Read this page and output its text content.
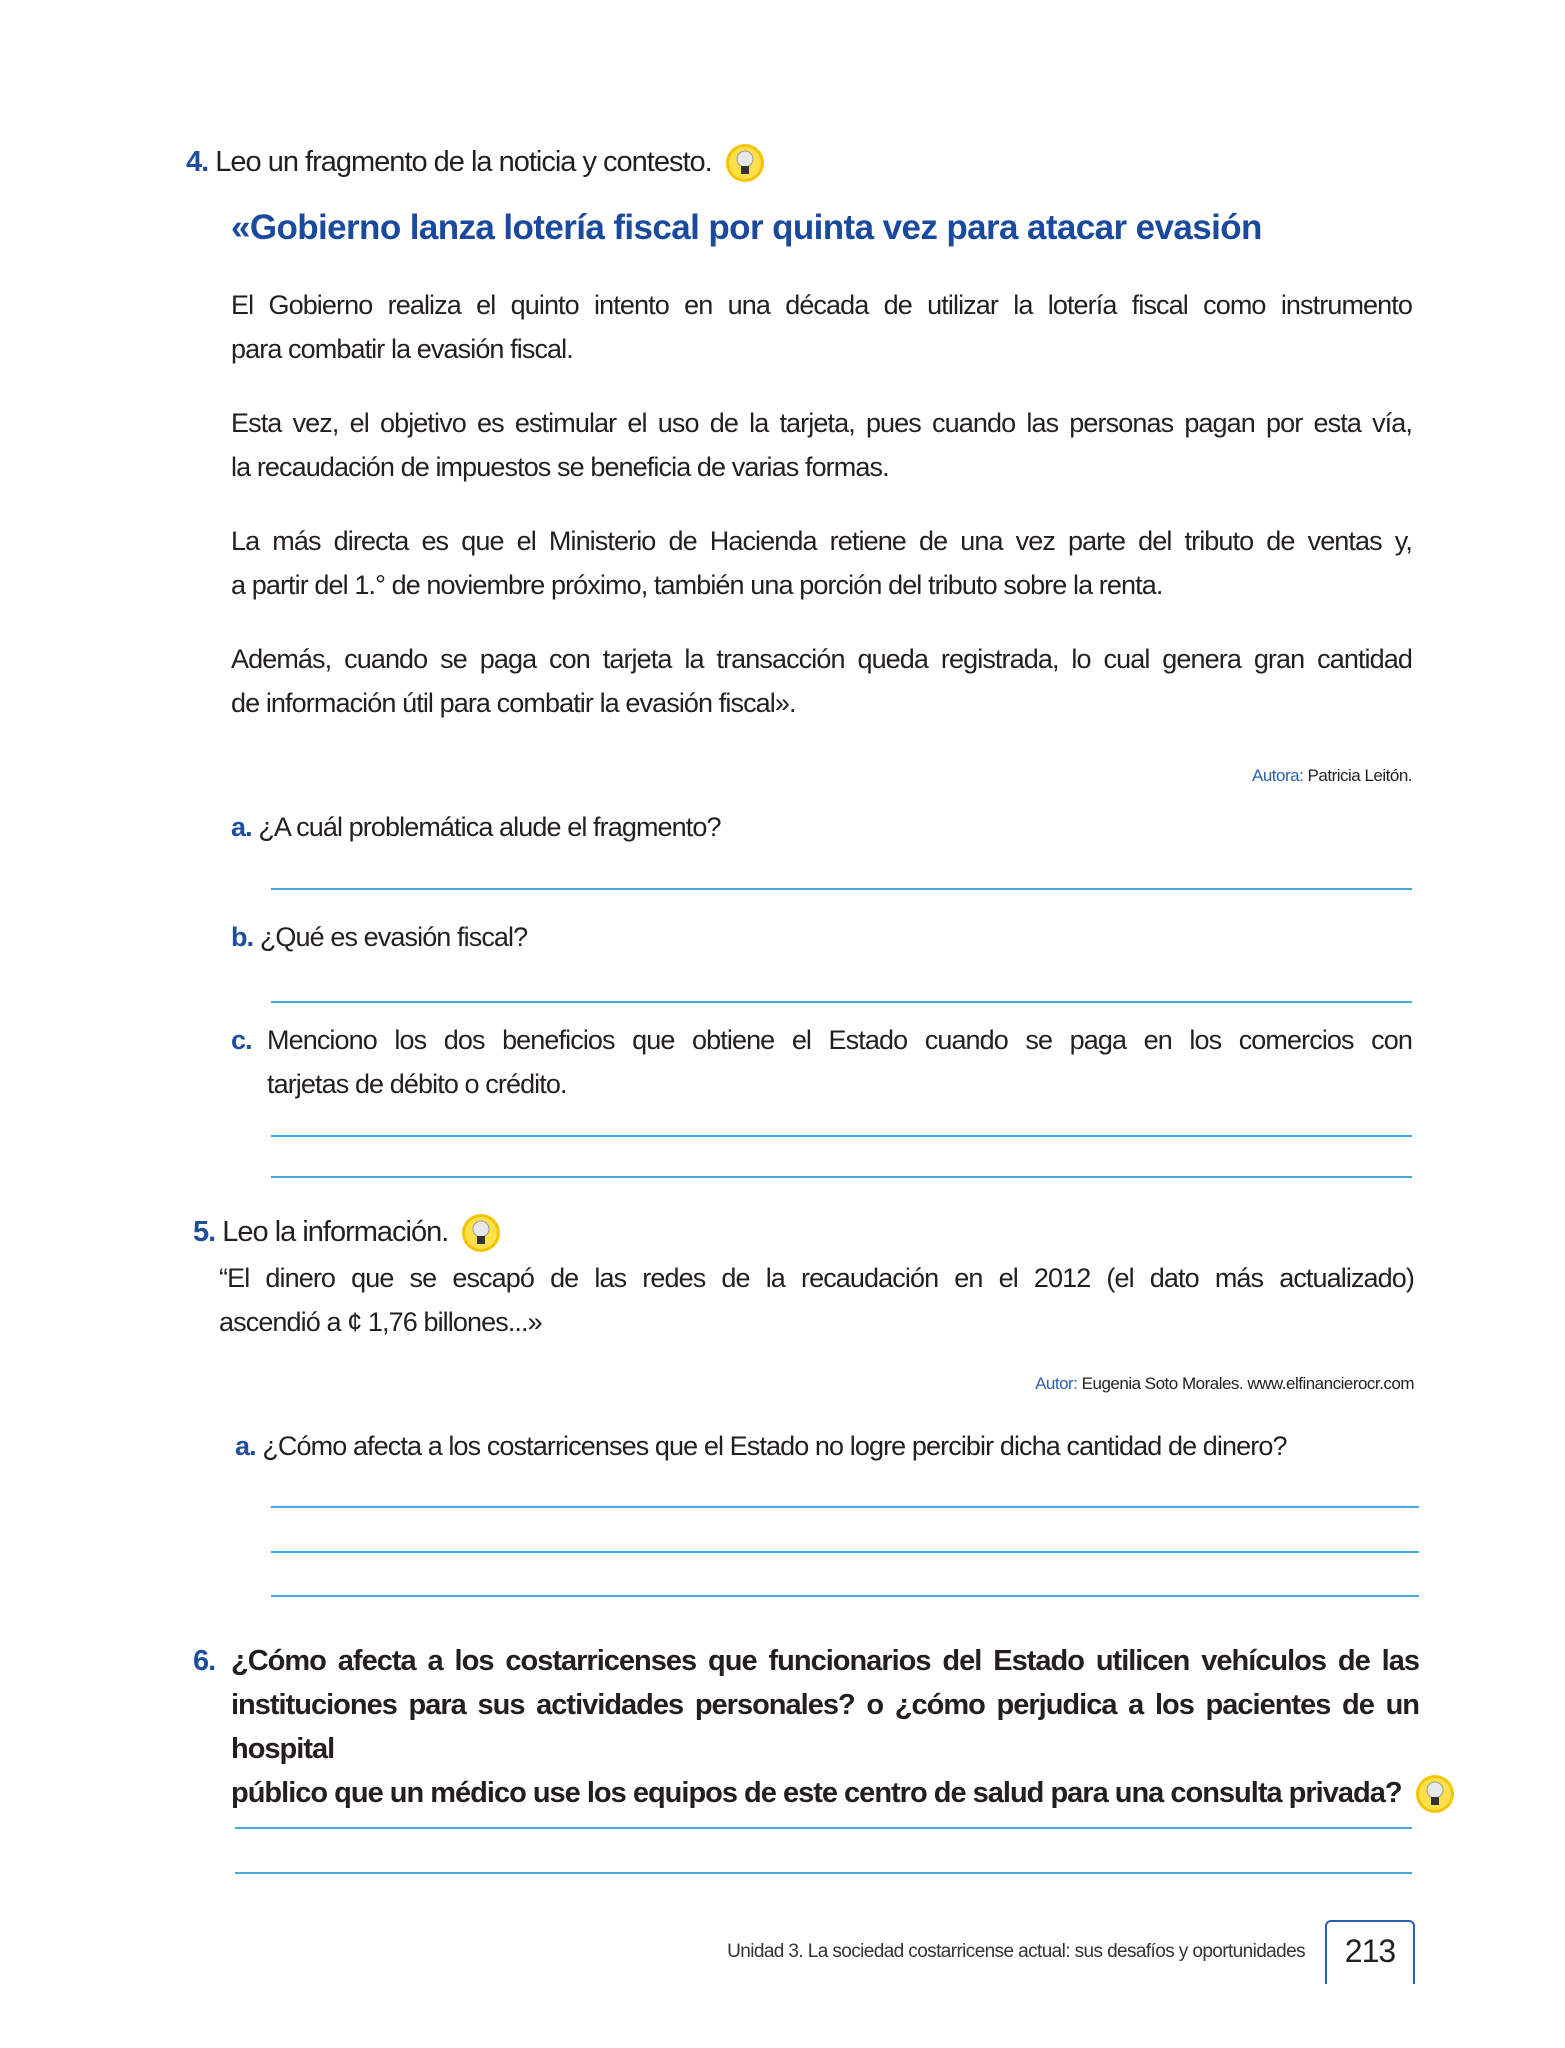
4. Leo un fragmento de la noticia y contesto.
«Gobierno lanza lotería fiscal por quinta vez para atacar evasión
El Gobierno realiza el quinto intento en una década de utilizar la lotería fiscal como instrumento
para combatir la evasión fiscal.
Esta vez, el objetivo es estimular el uso de la tarjeta, pues cuando las personas pagan por esta vía,
la recaudación de impuestos se beneficia de varias formas.
La más directa es que el Ministerio de Hacienda retiene de una vez parte del tributo de ventas y,
a partir del 1.° de noviembre próximo, también una porción del tributo sobre la renta.
Además, cuando se paga con tarjeta la transacción queda registrada, lo cual genera gran cantidad
de información útil para combatir la evasión fiscal».
Autora: Patricia Leitón.
a. ¿A cuál problemática alude el fragmento?
b. ¿Qué es evasión fiscal?
c. Menciono los dos beneficios que obtiene el Estado cuando se paga en los comercios con
tarjetas de débito o crédito.
5. Leo la información.
“El dinero que se escapó de las redes de la recaudación en el 2012 (el dato más actualizado)
ascendió a ¢ 1,76 billones...»
Autor: Eugenia Soto Morales. www.elfinancierocr.com
a. ¿Cómo afecta a los costarricenses que el Estado no logre percibir dicha cantidad de dinero?
6. ¿Cómo afecta a los costarricenses que funcionarios del Estado utilicen vehículos de las
instituciones para sus actividades personales? o ¿cómo perjudica a los pacientes de un hospital
público que un médico use los equipos de este centro de salud para una consulta privada?
Unidad 3. La sociedad costarricense actual: sus desafíos y oportunidades	213
